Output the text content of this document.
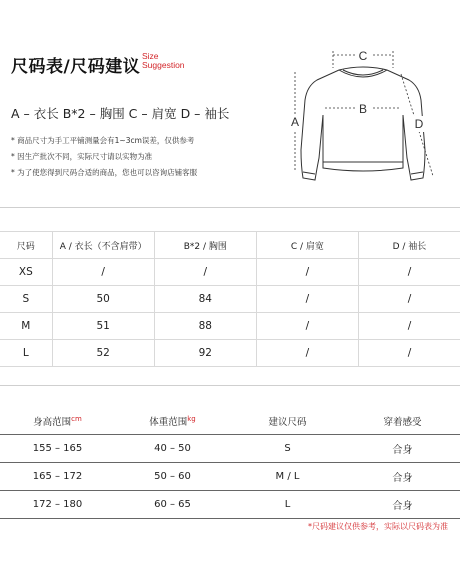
尺码表/尺码建议
Size
Suggestion
A – 衣长 B*2 – 胸围 C – 肩宽 D – 袖长
* 商品尺寸为手工平铺测量会有1~3cm误差，仅供参考
* 因生产批次不同，实际尺寸请以实物为准
* 为了使您得到尺码合适的商品，您也可以咨询店铺客服
C
B
A	D
尺码	A / 衣长（不含肩带）	B*2 / 胸围	C / 肩宽	D / 袖长
XS	/	/	/	/
S	50	84	/	/
M	51	88	/	/
L	52	92	/	/
身高范围$^{cm}$	体重范围$^{kg}$	建议尺码	穿着感受
155 – 165	40 – 50	S	合身
165 – 172	50 – 60	M / L	合身
172 – 180	60 – 65	L	合身
*尺码建议仅供参考，实际以尺码表为准
